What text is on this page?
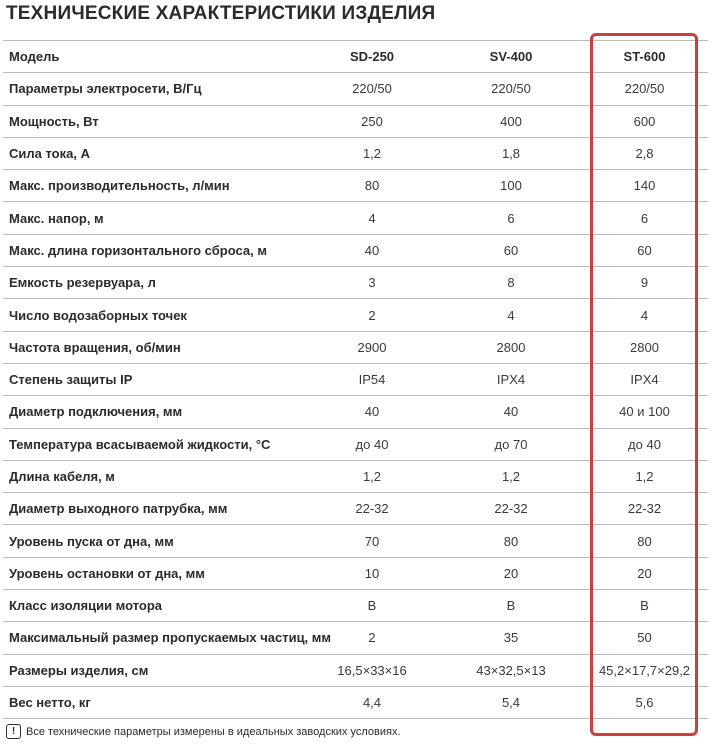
ТЕХНИЧЕСКИЕ ХАРАКТЕРИСТИКИ ИЗДЕЛИЯ
Модель	SD-250	SV-400	ST-600
Параметры электросети, В/Гц	220/50	220/50	220/50
Мощность, Вт	250	400	600
Сила тока, А	1,2	1,8	2,8
Макс. производительность, л/мин	80	100	140
Макс. напор, м	4	6	6
Макс. длина горизонтального сброса, м	40	60	60
Емкость резервуара, л	3	8	9
Число водозаборных точек	2	4	4
Частота вращения, об/мин	2900	2800	2800
Степень защиты IP	IP54	IPX4	IPX4
Диаметр подключения, мм	40	40	40 и 100
Температура всасываемой жидкости, °C	до 40	до 70	до 40
Длина кабеля, м	1,2	1,2	1,2
Диаметр выходного патрубка, мм	22-32	22-32	22-32
Уровень пуска от дна, мм	70	80	80
Уровень остановки от дна, мм	10	20	20
Класс изоляции мотора	B	B	B
Максимальный размер пропускаемых частиц, мм	2	35	50
Размеры изделия, см	16,5×33×16	43×32,5×13	45,2×17,7×29,2
Вес нетто, кг	4,4	5,4	5,6
! Все технические параметры измерены в идеальных заводских условиях.
